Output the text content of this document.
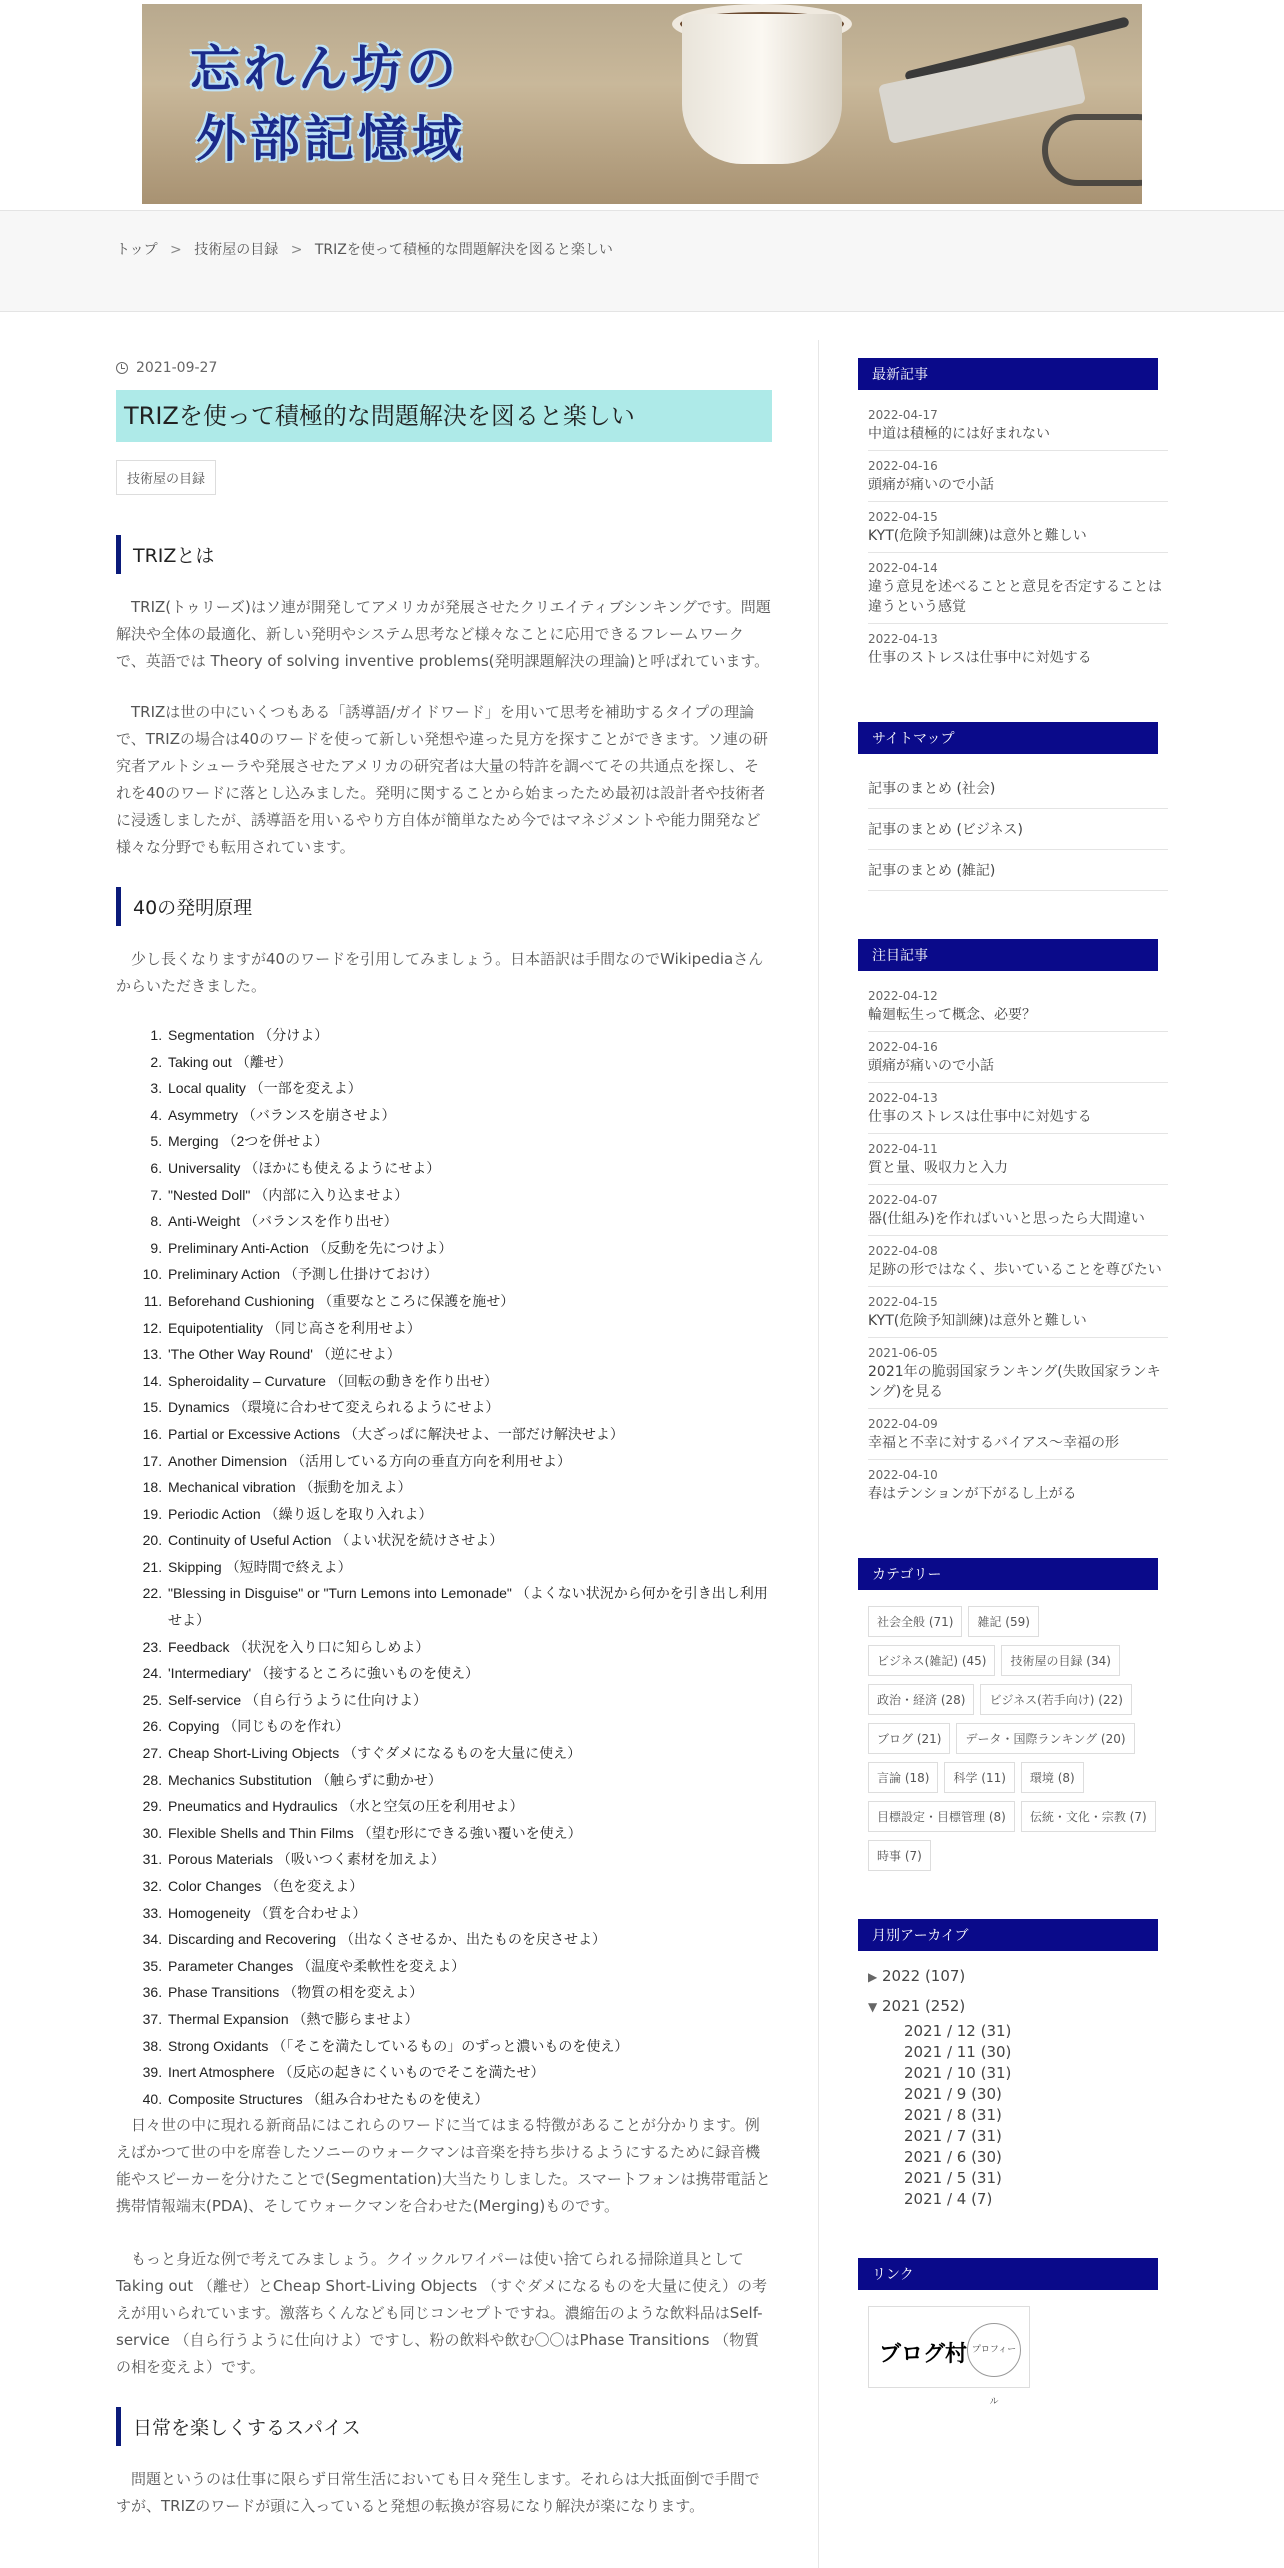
忘れん坊の
外部記憶域
トップ > 技術屋の目録 > TRIZを使って積極的な問題解決を図ると楽しい
2021-09-27
TRIZを使って積極的な問題解決を図ると楽しい
技術屋の目録
TRIZとは

TRIZ(トゥリーズ)はソ連が開発してアメリカが発展させたクリエイティブシンキングです。問題解決や全体の最適化、新しい発明やシステム思考など様々なことに応用できるフレームワークで、英語では Theory of solving inventive problems(発明課題解決の理論)と呼ばれています。

TRIZは世の中にいくつもある「誘導語/ガイドワード」を用いて思考を補助するタイプの理論で、TRIZの場合は40のワードを使って新しい発想や違った見方を探すことができます。ソ連の研究者アルトシューラや発展させたアメリカの研究者は大量の特許を調べてその共通点を探し、それを40のワードに落とし込みました。発明に関することから始まったため最初は設計者や技術者に浸透しましたが、誘導語を用いるやり方自体が簡単なため今ではマネジメントや能力開発など様々な分野でも転用されています。

40の発明原理

少し長くなりますが40のワードを引用してみましょう。日本語訳は手間なのでWikipediaさんからいただきました。

1. Segmentation （分けよ）
2. Taking out （離せ）
3. Local quality （一部を変えよ）
4. Asymmetry （バランスを崩させよ）
5. Merging （2つを併せよ）
6. Universality （ほかにも使えるようにせよ）
7. "Nested Doll" （内部に入り込ませよ）
8. Anti-Weight （バランスを作り出せ）
9. Preliminary Anti-Action （反動を先につけよ）
10. Preliminary Action （予測し仕掛けておけ）
11. Beforehand Cushioning （重要なところに保護を施せ）
12. Equipotentiality （同じ高さを利用せよ）
13. 'The Other Way Round' （逆にせよ）
14. Spheroidality – Curvature （回転の動きを作り出せ）
15. Dynamics （環境に合わせて変えられるようにせよ）
16. Partial or Excessive Actions （大ざっぱに解決せよ、一部だけ解決せよ）
17. Another Dimension （活用している方向の垂直方向を利用せよ）
18. Mechanical vibration （振動を加えよ）
19. Periodic Action （繰り返しを取り入れよ）
20. Continuity of Useful Action （よい状況を続けさせよ）
21. Skipping （短時間で終えよ）
22. "Blessing in Disguise" or "Turn Lemons into Lemonade" （よくない状況から何かを引き出し利用せよ）
23. Feedback （状況を入り口に知らしめよ）
24. 'Intermediary' （接するところに強いものを使え）
25. Self-service （自ら行うように仕向けよ）
26. Copying （同じものを作れ）
27. Cheap Short-Living Objects （すぐダメになるものを大量に使え）
28. Mechanics Substitution （触らずに動かせ）
29. Pneumatics and Hydraulics （水と空気の圧を利用せよ）
30. Flexible Shells and Thin Films （望む形にできる強い覆いを使え）
31. Porous Materials （吸いつく素材を加えよ）
32. Color Changes （色を変えよ）
33. Homogeneity （質を合わせよ）
34. Discarding and Recovering （出なくさせるか、出たものを戻させよ）
35. Parameter Changes （温度や柔軟性を変えよ）
36. Phase Transitions （物質の相を変えよ）
37. Thermal Expansion （熱で膨らませよ）
38. Strong Oxidants （「そこを満たしているもの」のずっと濃いものを使え）
39. Inert Atmosphere （反応の起きにくいものでそこを満たせ）
40. Composite Structures （組み合わせたものを使え）

日々世の中に現れる新商品にはこれらのワードに当てはまる特徴があることが分かります。例えばかつて世の中を席巻したソニーのウォークマンは音楽を持ち歩けるようにするために録音機能やスピーカーを分けたことで(Segmentation)大当たりしました。スマートフォンは携帯電話と携帯情報端末(PDA)、そしてウォークマンを合わせた(Merging)ものです。

もっと身近な例で考えてみましょう。クイックルワイパーは使い捨てられる掃除道具としてTaking out （離せ）とCheap Short-Living Objects （すぐダメになるものを大量に使え）の考えが用いられています。激落ちくんなども同じコンセプトですね。濃縮缶のような飲料品はSelf-service （自ら行うように仕向けよ）ですし、粉の飲料や飲む〇〇はPhase Transitions （物質の相を変えよ）です。

日常を楽しくするスパイス

問題というのは仕事に限らず日常生活においても日々発生します。それらは大抵面倒で手間ですが、TRIZのワードが頭に入っていると発想の転換が容易になり解決が楽になります。

最新記事
2022-04-17
中道は積極的には好まれない
2022-04-16
頭痛が痛いので小話
2022-04-15
KYT(危険予知訓練)は意外と難しい
2022-04-14
違う意見を述べることと意見を否定することは違うという感覚
2022-04-13
仕事のストレスは仕事中に対処する
サイトマップ
記事のまとめ (社会)
記事のまとめ (ビジネス)
記事のまとめ (雑記)
注目記事
2022-04-12
輪廻転生って概念、必要？
2022-04-16
頭痛が痛いので小話
2022-04-13
仕事のストレスは仕事中に対処する
2022-04-11
質と量、吸収力と入力
2022-04-07
器(仕組み)を作ればいいと思ったら大間違い
2022-04-08
足跡の形ではなく、歩いていることを尊びたい
2022-04-15
KYT(危険予知訓練)は意外と難しい
2021-06-05
2021年の脆弱国家ランキング(失敗国家ランキング)を見る
2022-04-09
幸福と不幸に対するバイアス～幸福の形
2022-04-10
春はテンションが下がるし上がる
カテゴリー
社会全般 (71)	雑記 (59)
ビジネス(雑記) (45)	技術屋の目録 (34)
政治・経済 (28)	ビジネス(若手向け) (22)
ブログ (21)	データ・国際ランキング (20)
言論 (18)	科学 (11)	環境 (8)
目標設定・目標管理 (8)	伝統・文化・宗教 (7)
時事 (7)
月別アーカイブ
▶ 2022 (107)
▼ 2021 (252)
2021 / 12 (31)
2021 / 11 (30)
2021 / 10 (31)
2021 / 9 (30)
2021 / 8 (31)
2021 / 7 (31)
2021 / 6 (30)
2021 / 5 (31)
2021 / 4 (7)
リンク
ブログ村 プロフィール
